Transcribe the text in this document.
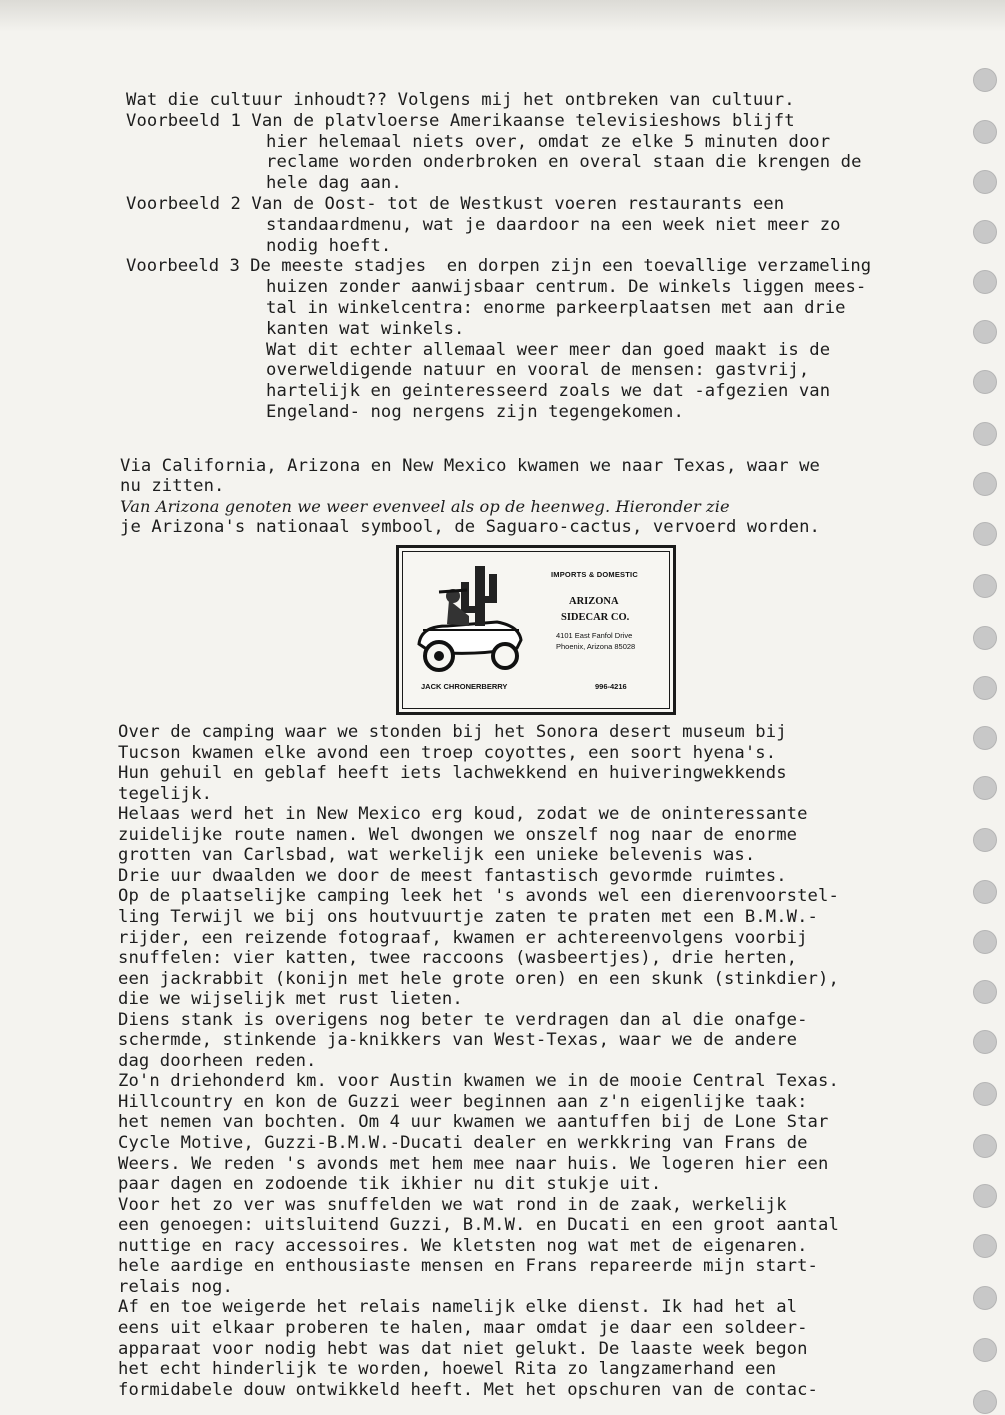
Wat die cultuur inhoudt?? Volgens mij het ontbreken van cultuur.
Voorbeeld 1 Van de platvloerse Amerikaanse televisieshows blijft
hier helemaal niets over, omdat ze elke 5 minuten door
reclame worden onderbroken en overal staan die krengen de
hele dag aan.
Voorbeeld 2 Van de Oost- tot de Westkust voeren restaurants een
standaardmenu, wat je daardoor na een week niet meer zo
nodig hoeft.
Voorbeeld 3 De meeste stadjes  en dorpen zijn een toevallige verzameling
huizen zonder aanwijsbaar centrum. De winkels liggen mees-
tal in winkelcentra: enorme parkeerplaatsen met aan drie
kanten wat winkels.
Wat dit echter allemaal weer meer dan goed maakt is de
overweldigende natuur en vooral de mensen: gastvrij,
hartelijk en geinteresseerd zoals we dat -afgezien van
Engeland- nog nergens zijn tegengekomen.
Via California, Arizona en New Mexico kwamen we naar Texas, waar we
nu zitten.
Van Arizona genoten we weer evenveel als op de heenweg. Hieronder zie
je Arizona's nationaal symbool, de Saguaro-cactus, vervoerd worden.
IMPORTS & DOMESTIC
ARIZONA
SIDECAR CO.
4101 East Fanfol Drive
Phoenix, Arizona 85028
JACK CHRONERBERRY	996-4216
Over de camping waar we stonden bij het Sonora desert museum bij
Tucson kwamen elke avond een troep coyottes, een soort hyena's.
Hun gehuil en geblaf heeft iets lachwekkend en huiveringwekkends
tegelijk.
Helaas werd het in New Mexico erg koud, zodat we de oninteressante
zuidelijke route namen. Wel dwongen we onszelf nog naar de enorme
grotten van Carlsbad, wat werkelijk een unieke belevenis was.
Drie uur dwaalden we door de meest fantastisch gevormde ruimtes.
Op de plaatselijke camping leek het 's avonds wel een dierenvoorstel-
ling Terwijl we bij ons houtvuurtje zaten te praten met een B.M.W.-
rijder, een reizende fotograaf, kwamen er achtereenvolgens voorbij
snuffelen: vier katten, twee raccoons (wasbeertjes), drie herten,
een jackrabbit (konijn met hele grote oren) en een skunk (stinkdier),
die we wijselijk met rust lieten.
Diens stank is overigens nog beter te verdragen dan al die onafge-
schermde, stinkende ja-knikkers van West-Texas, waar we de andere
dag doorheen reden.
Zo'n driehonderd km. voor Austin kwamen we in de mooie Central Texas.
Hillcountry en kon de Guzzi weer beginnen aan z'n eigenlijke taak:
het nemen van bochten. Om 4 uur kwamen we aantuffen bij de Lone Star
Cycle Motive, Guzzi-B.M.W.-Ducati dealer en werkkring van Frans de
Weers. We reden 's avonds met hem mee naar huis. We logeren hier een
paar dagen en zodoende tik ikhier nu dit stukje uit.
Voor het zo ver was snuffelden we wat rond in de zaak, werkelijk
een genoegen: uitsluitend Guzzi, B.M.W. en Ducati en een groot aantal
nuttige en racy accessoires. We kletsten nog wat met de eigenaren.
hele aardige en enthousiaste mensen en Frans repareerde mijn start-
relais nog.
Af en toe weigerde het relais namelijk elke dienst. Ik had het al
eens uit elkaar proberen te halen, maar omdat je daar een soldeer-
apparaat voor nodig hebt was dat niet gelukt. De laaste week begon
het echt hinderlijk te worden, hoewel Rita zo langzamerhand een
formidabele douw ontwikkeld heeft. Met het opschuren van de contac-
